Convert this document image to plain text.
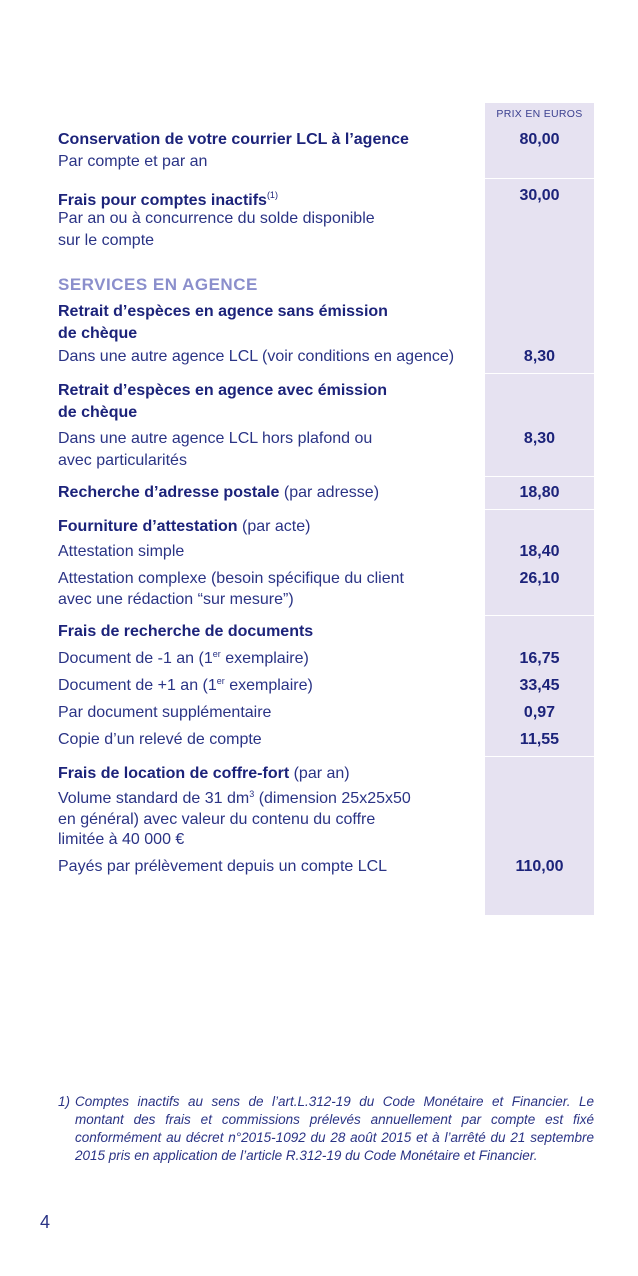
PRIX EN EUROS
Conservation de votre courrier LCL à l’agence
Par compte et par an
80,00
Frais pour comptes inactifs$^{(1)}$
Par an ou à concurrence du solde disponible
sur le compte
30,00
SERVICES EN AGENCE
Retrait d’espèces en agence sans émission
de chèque
Dans une autre agence LCL (voir conditions en agence)	8,30
Retrait d’espèces en agence avec émission
de chèque
Dans une autre agence LCL hors plafond ou
avec particularités
8,30
Recherche d’adresse postale (par adresse)	18,80
Fourniture d’attestation (par acte)
Attestation simple	18,40
Attestation complexe (besoin spécifique du client
avec une rédaction “sur mesure”)
26,10
Frais de recherche de documents
Document de -1 an (1er exemplaire)	16,75
Document de +1 an (1er exemplaire)	33,45
Par document supplémentaire	0,97
Copie d’un relevé de compte	11,55
Frais de location de coffre-fort (par an)
Volume standard de 31 $dm^3$ (dimension 25x25x50
en général) avec valeur du contenu du coffre
limitée à 40 000 €
Payés par prélèvement depuis un compte LCL	110,00
1) Comptes inactifs au sens de l’art.L.312-19 du Code Monétaire et Financier. Le montant des frais et commissions prélevés annuellement par compte est fixé conformément au décret n°2015-1092 du 28 août 2015 et à l’arrêté du 21 septembre 2015 pris en application de l’article R.312-19 du Code Monétaire et Financier.
4
